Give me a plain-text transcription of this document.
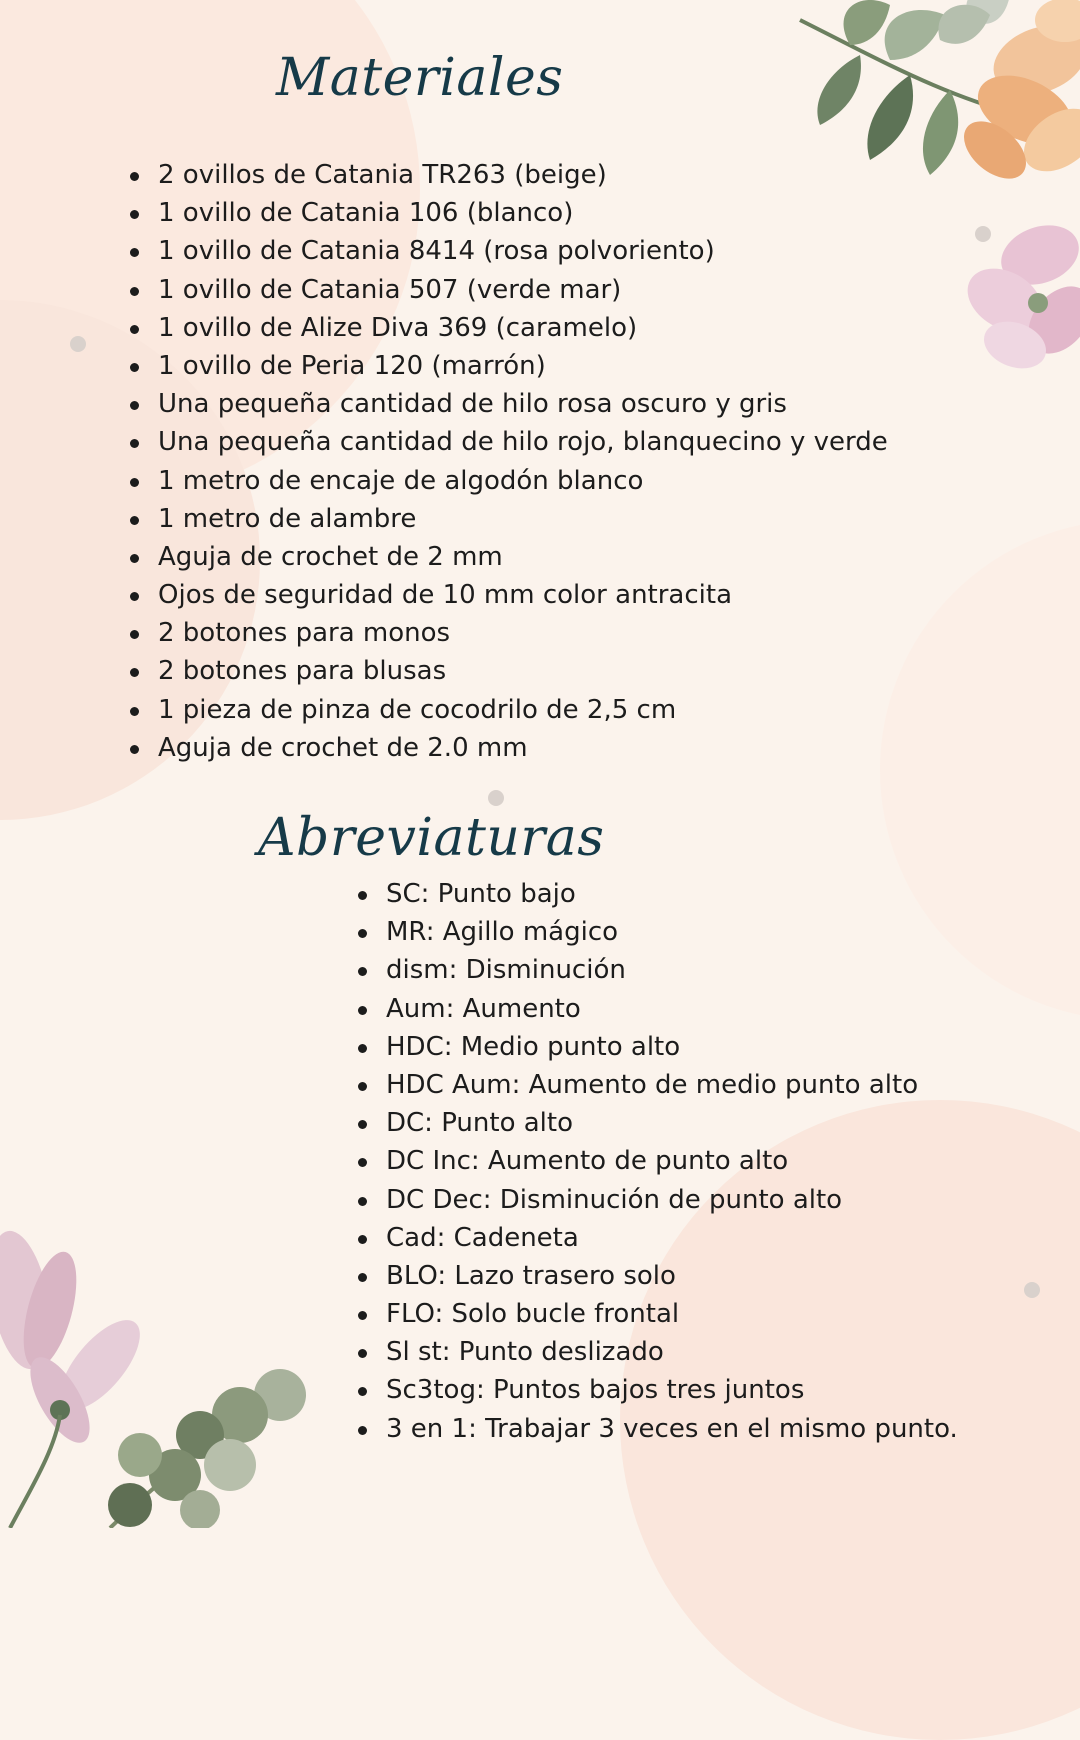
Materiales
2 ovillos de Catania TR263 (beige)
1 ovillo de Catania 106 (blanco)
1 ovillo de Catania 8414 (rosa polvoriento)
1 ovillo de Catania 507 (verde mar)
1 ovillo de Alize Diva 369 (caramelo)
1 ovillo de Peria 120 (marrón)
Una pequeña cantidad de hilo rosa oscuro y gris
Una pequeña cantidad de hilo rojo, blanquecino y verde
1 metro de encaje de algodón blanco
1 metro de alambre
Aguja de crochet de 2 mm
Ojos de seguridad de 10 mm color antracita
2 botones para monos
2 botones para blusas
1 pieza de pinza de cocodrilo de 2,5 cm
Aguja de crochet de 2.0 mm
Abreviaturas
SC: Punto bajo
MR: Agillo mágico
dism: Disminución
Aum: Aumento
HDC: Medio punto alto
HDC Aum: Aumento de medio punto alto
DC: Punto alto
DC Inc: Aumento de punto alto
DC Dec: Disminución de punto alto
Cad: Cadeneta
BLO: Lazo trasero solo
FLO: Solo bucle frontal
Sl st: Punto deslizado
Sc3tog: Puntos bajos tres juntos
3 en 1: Trabajar 3 veces en el mismo punto.
